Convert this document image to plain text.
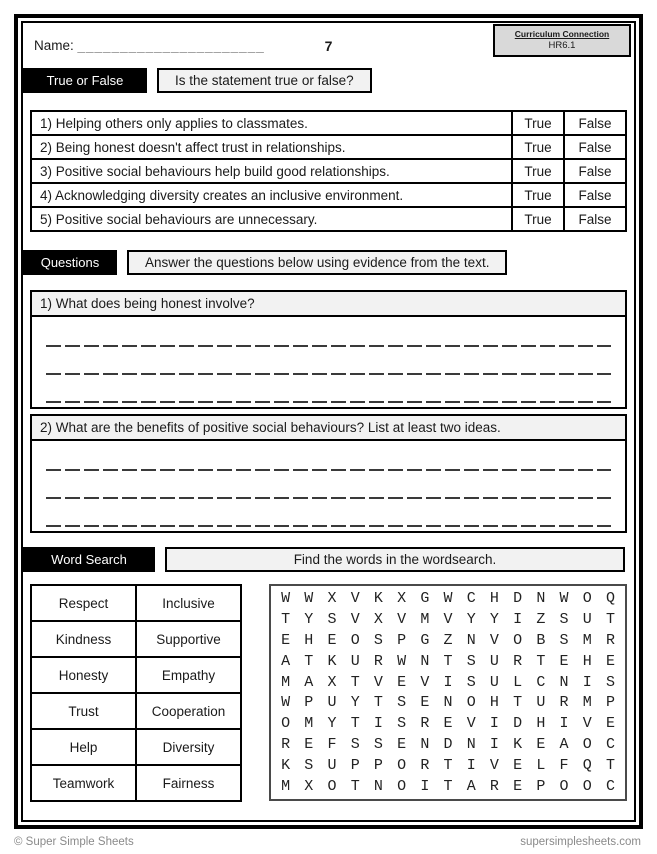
Name: ______________________	7
Curriculum Connection
HR6.1
True or False	Is the statement true or false?
1) Helping others only applies to classmates.	True	False
2) Being honest doesn't affect trust in relationships.	True	False
3) Positive social behaviours help build good relationships.	True	False
4) Acknowledging diversity creates an inclusive environment.	True	False
5) Positive social behaviours are unnecessary.	True	False
Questions	Answer the questions below using evidence from the text.
1) What does being honest involve?
2) What are the benefits of positive social behaviours? List at least two ideas.
Word Search	Find the words in the wordsearch.
Respect	Inclusive
Kindness	Supportive
Honesty	Empathy
Trust	Cooperation
Help	Diversity
Teamwork	Fairness
W W X V K X G W C H D N W O Q
T Y S V X V M V Y Y I Z S U T
E H E O S P G Z N V O B S M R
A T K U R W N T S U R T E H E
M A X T V E V I S U L C N I S
W P U Y T S E N O H T U R M P
O M Y T I S R E V I D H I V E
R E F S S E N D N I K E A O C
K S U P P O R T I V E L F Q T
M X O T N O I T A R E P O O C
© Super Simple Sheets	supersimplesheets.com
